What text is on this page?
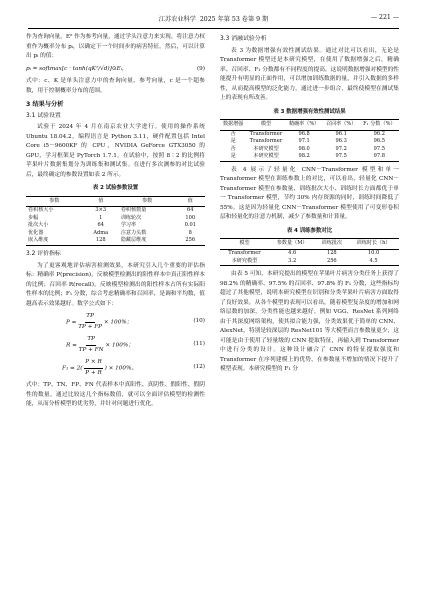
江苏农业科学 2025 年第 53 卷第 9 期	— 221 —

作为查询向量，E⁰ 作为参考向量，通过学头注意力来实现。将注意力权重作为概率分布 pᵢ，以确定下一个时间步的病害特征。然后，可以计算出 pᵢ 的值：

pᵢ = softmax[c · tanh(qKᵀ/√d)]⊙Eᵢ，	(9)

式中：c、K 是单头注意力中的查询向量、参考向量，c 是一个超参数，用于控制概率分布的范围。

3 结果与分析
3.1 试验设置

试验于 2024 年 4 月在南京农业大学进行。使用的操作系统 Ubuntu 18.04.2，编程语言是 Python 3.11，硬件配置包括 Intel Core i5－9600KF 的 CPU，NVIDIA GeForce GTX3050 的 GPU，学习框架是 PyTorch 1.7.1。在试验中，按照 8∶2 的比例将苹果叶片数据集划分为训练集和测试集。在进行多次测参的对比试验后，最终确定的参数设置如表 2 所示。

表 2 试验参数设置
参数	值	参数	值
卷积核大小	3×3	卷积核数量	64
步幅	1	训练轮次	100
批次大小	64	学习率	0.01
优化器	Adma	注意力头数	8
嵌入维度	128	隐藏层维度	256
3.2 评价指标

为了更客观地评估病害检测效果，本研究引入几个重要的评估指标：精确率 P(precision)，反映模型检测出的阳性样本中真正阳性样本的比例；召回率 R(recall)，反映模型检测出的阳性样本占所有实际阳性样本的比例；F₁ 分数，综合考虑精确率和召回率，是调和平均数，值越高表示效果越好。数学公式如下：

$P = \frac{TP}{TP + FP} \times 100\%$；	(10)
$R = \frac{TP}{TP + FN} \times 100\%$；	(11)
$F_1 = 2( \frac{P \times R}{P + R}$ ) × 100%。	(12)

式中：TP、TN、FP、FN 代表样本中真阳性、真阴性、假阳性、假阴性的数量。通过比较这几个指标数值，就可以全面评估模型的检测性能，从而分析模型的优劣势，并针对问题进行优化。

3.3 消融试验分析

表 3 为数据增强有效性测试结果。通过对比可以看出，无论是 Transformer 模型还是本研究模型，在使用了数据增强之后，精确率、召回率、F₁ 分数都有不同程度的提高。这说明数据增强对模型的性能提升有明显的正面作用，可以增加训练数据的量，并引入数据的多样性，从而提高模型的泛化能力，通过进一步组合，最终使模型在测试集上的表现有所改善。

表 3 数据增强有效性测试结果
数据增强	模型	精确率（%）	召回率（%）	F₁ 分数（%）
否	Transformer	96.8	96.1	96.2
是	Transformer	97.1	96.3	96.5
否	本研究模型	98.0	97.2	97.5
是	本研究模型	98.2	97.5	97.8

表 4 展示了轻量化 CNN－Transformer 模型和单一 Transformer 模型在训练参数上的对比，可以看出，轻量化 CNN－Transformer 模型在参数量、训练批次大小、训练时长方面都优于单一 Transformer 模型，节约 30% 内存资源的同时，训练时间降低了 55%。这是因为轻量化 CNN－Transformer 模型使用了可变形卷积层和轻量化的注意力机制，减少了参数量和计算量。

表 4 训练参数对比
模型	参数量（M）	训练批次	训练时长（h）
Transformer	4.6	128	10.0
本研究模型	3.2	256	4.5

由表 5 可知，本研究提出的模型在苹果叶片病害分类任务上获得了 98.2% 的精确率、97.5% 的召回率、97.8% 的 F₁ 分数，这些指标均超过了其他模型，说明本研究模型在识别和分类苹果叶片病害方面取得了良好效果。从各个模型的表现可以看出，随着模型复杂度的增加和网络层数的加深，分类性能也越来越好。例如 VGG、ResNet 系列网络由于其深度网络架构，使其拟合能力强，分类效果优于简单的 CNN、AlexNet，特别是较深层的 ResNet101 等大模型而言参数量更少，这可能是由于使用了轻量级的 CNN 提取特征，再输入到 Transformer 中进行分类的设计。这种设计融合了 CNN 的特征提取强度和 Transformer 在序列建模上的优势，在参数量不增加的情况下提升了模型表现。本研究模型的 F₁ 分
